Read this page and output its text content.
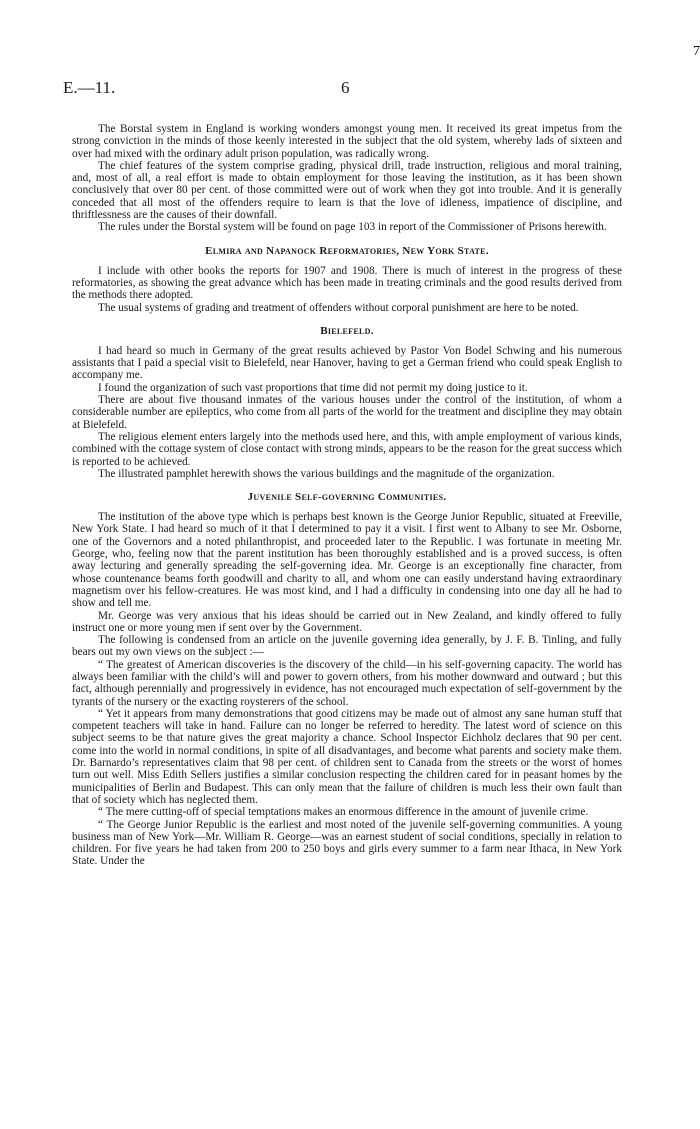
7
E.—11.	6

The Borstal system in England is working wonders amongst young men. It received its great impetus from the strong conviction in the minds of those keenly interested in the subject that the old system, whereby lads of sixteen and over had mixed with the ordinary adult prison population, was radically wrong.

The chief features of the system comprise grading, physical drill, trade instruction, religious and moral training, and, most of all, a real effort is made to obtain employment for those leaving the institution, as it has been shown conclusively that over 80 per cent. of those committed were out of work when they got into trouble. And it is generally conceded that all most of the offenders require to learn is that the love of idleness, impatience of discipline, and thriftlessness are the causes of their downfall.

The rules under the Borstal system will be found on page 103 in report of the Commissioner of Prisons herewith.

Elmira and Napanock Reformatories, New York State.

I include with other books the reports for 1907 and 1908. There is much of interest in the progress of these reformatories, as showing the great advance which has been made in treating criminals and the good results derived from the methods there adopted.

The usual systems of grading and treatment of offenders without corporal punishment are here to be noted.

Bielefeld.

I had heard so much in Germany of the great results achieved by Pastor Von Bodel Schwing and his numerous assistants that I paid a special visit to Bielefeld, near Hanover, having to get a German friend who could speak English to accompany me.

I found the organization of such vast proportions that time did not permit my doing justice to it.

There are about five thousand inmates of the various houses under the control of the institution, of whom a considerable number are epileptics, who come from all parts of the world for the treatment and discipline they may obtain at Bielefeld.

The religious element enters largely into the methods used here, and this, with ample employment of various kinds, combined with the cottage system of close contact with strong minds, appears to be the reason for the great success which is reported to be achieved.

The illustrated pamphlet herewith shows the various buildings and the magnitude of the organization.

Juvenile Self-governing Communities.

The institution of the above type which is perhaps best known is the George Junior Republic, situated at Freeville, New York State. I had heard so much of it that I determined to pay it a visit. I first went to Albany to see Mr. Osborne, one of the Governors and a noted philanthropist, and proceeded later to the Republic. I was fortunate in meeting Mr. George, who, feeling now that the parent institution has been thoroughly established and is a proved success, is often away lecturing and generally spreading the self-governing idea. Mr. George is an exceptionally fine character, from whose countenance beams forth goodwill and charity to all, and whom one can easily understand having extraordinary magnetism over his fellow-creatures. He was most kind, and I had a difficulty in condensing into one day all he had to show and tell me.

Mr. George was very anxious that his ideas should be carried out in New Zealand, and kindly offered to fully instruct one or more young men if sent over by the Government.

The following is condensed from an article on the juvenile governing idea generally, by J. F. B. Tinling, and fully bears out my own views on the subject :—

“ The greatest of American discoveries is the discovery of the child—in his self-governing capacity. The world has always been familiar with the child’s will and power to govern others, from his mother downward and outward ; but this fact, although perennially and progressively in evidence, has not encouraged much expectation of self-government by the tyrants of the nursery or the exacting roysterers of the school.

“ Yet it appears from many demonstrations that good citizens may be made out of almost any sane human stuff that competent teachers will take in hand. Failure can no longer be referred to heredity. The latest word of science on this subject seems to be that nature gives the great majority a chance. School Inspector Eichholz declares that 90 per cent. come into the world in normal conditions, in spite of all disadvantages, and become what parents and society make them. Dr. Barnardo’s representatives claim that 98 per cent. of children sent to Canada from the streets or the worst of homes turn out well. Miss Edith Sellers justifies a similar conclusion respecting the children cared for in peasant homes by the municipalities of Berlin and Budapest. This can only mean that the failure of children is much less their own fault than that of society which has neglected them.

“ The mere cutting-off of special temptations makes an enormous difference in the amount of juvenile crime.

“ The George Junior Republic is the earliest and most noted of the juvenile self-governing communities. A young business man of New York—Mr. William R. George—was an earnest student of social conditions, specially in relation to children. For five years he had taken from 200 to 250 boys and girls every summer to a farm near Ithaca, in New York State. Under the
